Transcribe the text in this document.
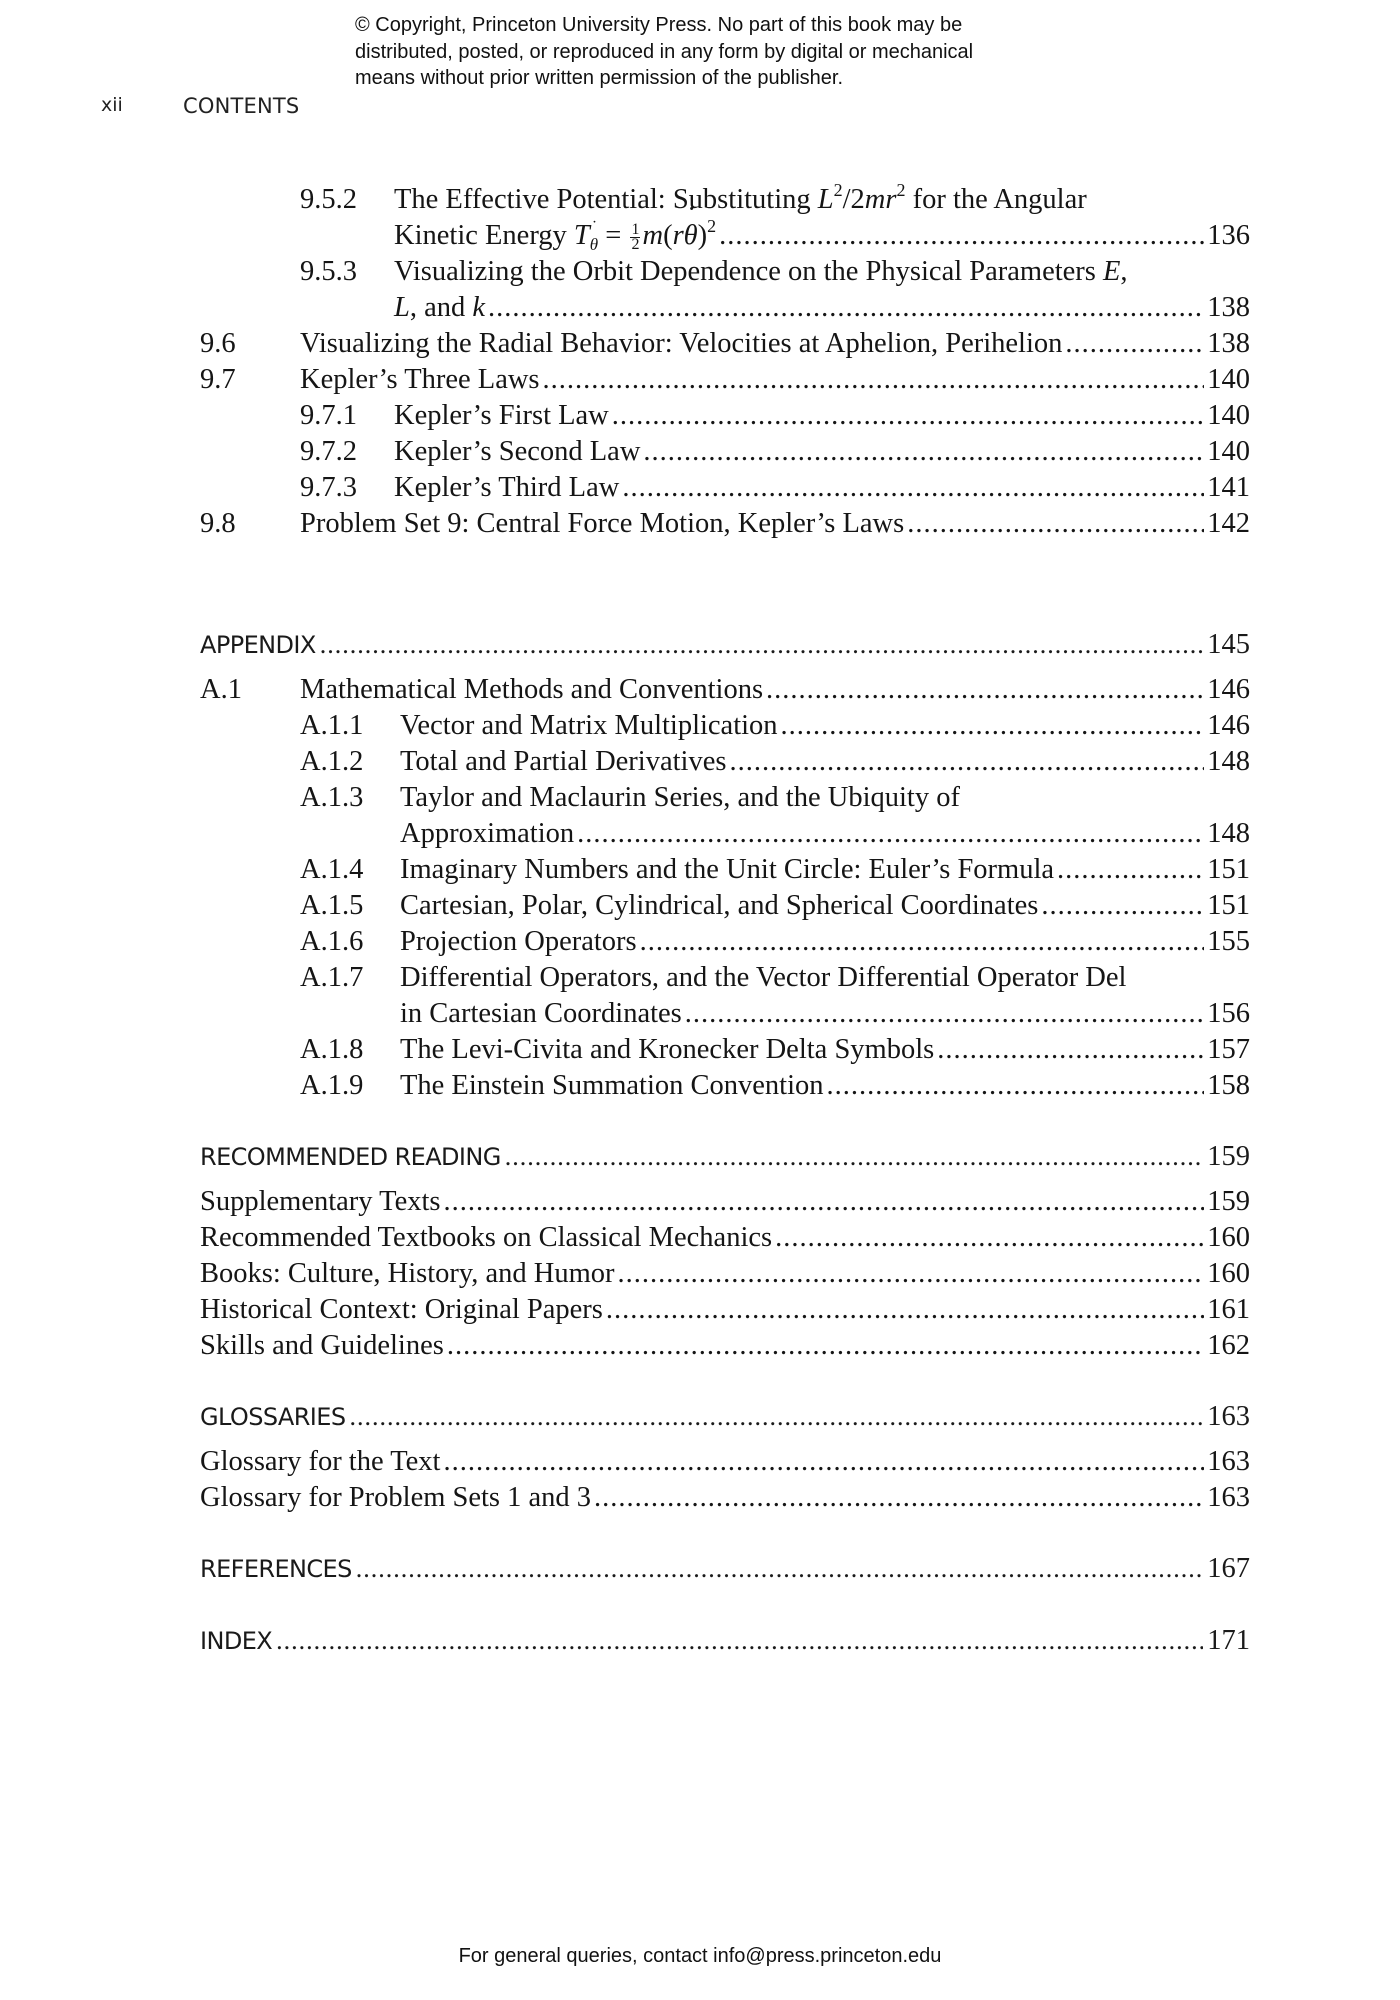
© Copyright, Princeton University Press. No part of this book may be
distributed, posted, or reproduced in any form by digital or mechanical
means without prior written permission of the publisher.
xii	CONTENTS
9.5.2 The Effective Potential: Substituting $L^2/2mr^2$ for the Angular
Kinetic Energy $T_\theta = \frac{1}{2}$ m(r˙ θ)$^2$ .....	136
9.5.3 Visualizing the Orbit Dependence on the Physical Parameters E,
L, and k .....	138
9.6	Visualizing the Radial Behavior: Velocities at Aphelion, Perihelion .....	138
9.7	Kepler’s Three Laws .....	140
9.7.1	Kepler’s First Law .....	140
9.7.2	Kepler’s Second Law .....	140
9.7.3	Kepler’s Third Law .....	141
9.8	Problem Set 9: Central Force Motion, Kepler’s Laws .....	142
APPENDIX .....	145
A.1	Mathematical Methods and Conventions .....	146
A.1.1	Vector and Matrix Multiplication .....	146
A.1.2	Total and Partial Derivatives .....	148
A.1.3 Taylor and Maclaurin Series, and the Ubiquity of
Approximation .....	148
A.1.4	Imaginary Numbers and the Unit Circle: Euler’s Formula .....	151
A.1.5	Cartesian, Polar, Cylindrical, and Spherical Coordinates .....	151
A.1.6	Projection Operators .....	155
A.1.7 Differential Operators, and the Vector Differential Operator Del
in Cartesian Coordinates .....	156
A.1.8	The Levi-Civita and Kronecker Delta Symbols .....	157
A.1.9	The Einstein Summation Convention .....	158
RECOMMENDED READING .....	159
Supplementary Texts .....	159
Recommended Textbooks on Classical Mechanics .....	160
Books: Culture, History, and Humor .....	160
Historical Context: Original Papers .....	161
Skills and Guidelines .....	162
GLOSSARIES .....	163
Glossary for the Text .....	163
Glossary for Problem Sets 1 and 3 .....	163
REFERENCES .....	167
INDEX .....	171
For general queries, contact info@press.princeton.edu
